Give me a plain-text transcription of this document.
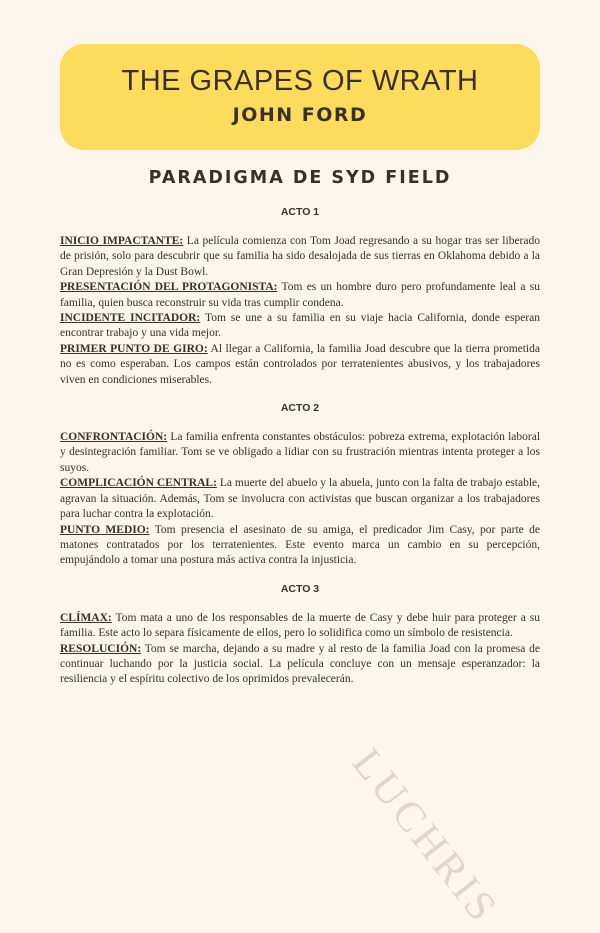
THE GRAPES OF WRATH
JOHN FORD
PARADIGMA DE SYD FIELD
ACTO 1

INICIO IMPACTANTE: La película comienza con Tom Joad regresando a su hogar tras ser liberado de prisión, solo para descubrir que su familia ha sido desalojada de sus tierras en Oklahoma debido a la Gran Depresión y la Dust Bowl.

PRESENTACIÓN DEL PROTAGONISTA: Tom es un hombre duro pero profundamente leal a su familia, quien busca reconstruir su vida tras cumplir condena.

INCIDENTE INCITADOR: Tom se une a su familia en su viaje hacia California, donde esperan encontrar trabajo y una vida mejor.

PRIMER PUNTO DE GIRO: Al llegar a California, la familia Joad descubre que la tierra prometida no es como esperaban. Los campos están controlados por terratenientes abusivos, y los trabajadores viven en condiciones miserables.

ACTO 2

CONFRONTACIÓN: La familia enfrenta constantes obstáculos: pobreza extrema, explotación laboral y desintegración familiar. Tom se ve obligado a lidiar con su frustración mientras intenta proteger a los suyos.

COMPLICACIÓN CENTRAL: La muerte del abuelo y la abuela, junto con la falta de trabajo estable, agravan la situación. Además, Tom se involucra con activistas que buscan organizar a los trabajadores para luchar contra la explotación.

PUNTO MEDIO: Tom presencia el asesinato de su amiga, el predicador Jim Casy, por parte de matones contratados por los terratenientes. Este evento marca un cambio en su percepción, empujándolo a tomar una postura más activa contra la injusticia.

ACTO 3

CLÍMAX: Tom mata a uno de los responsables de la muerte de Casy y debe huir para proteger a su familia. Este acto lo separa físicamente de ellos, pero lo solidifica como un símbolo de resistencia.

RESOLUCIÓN: Tom se marcha, dejando a su madre y al resto de la familia Joad con la promesa de continuar luchando por la justicia social. La película concluye con un mensaje esperanzador: la resiliencia y el espíritu colectivo de los oprimidos prevalecerán.

LUCHRIS
